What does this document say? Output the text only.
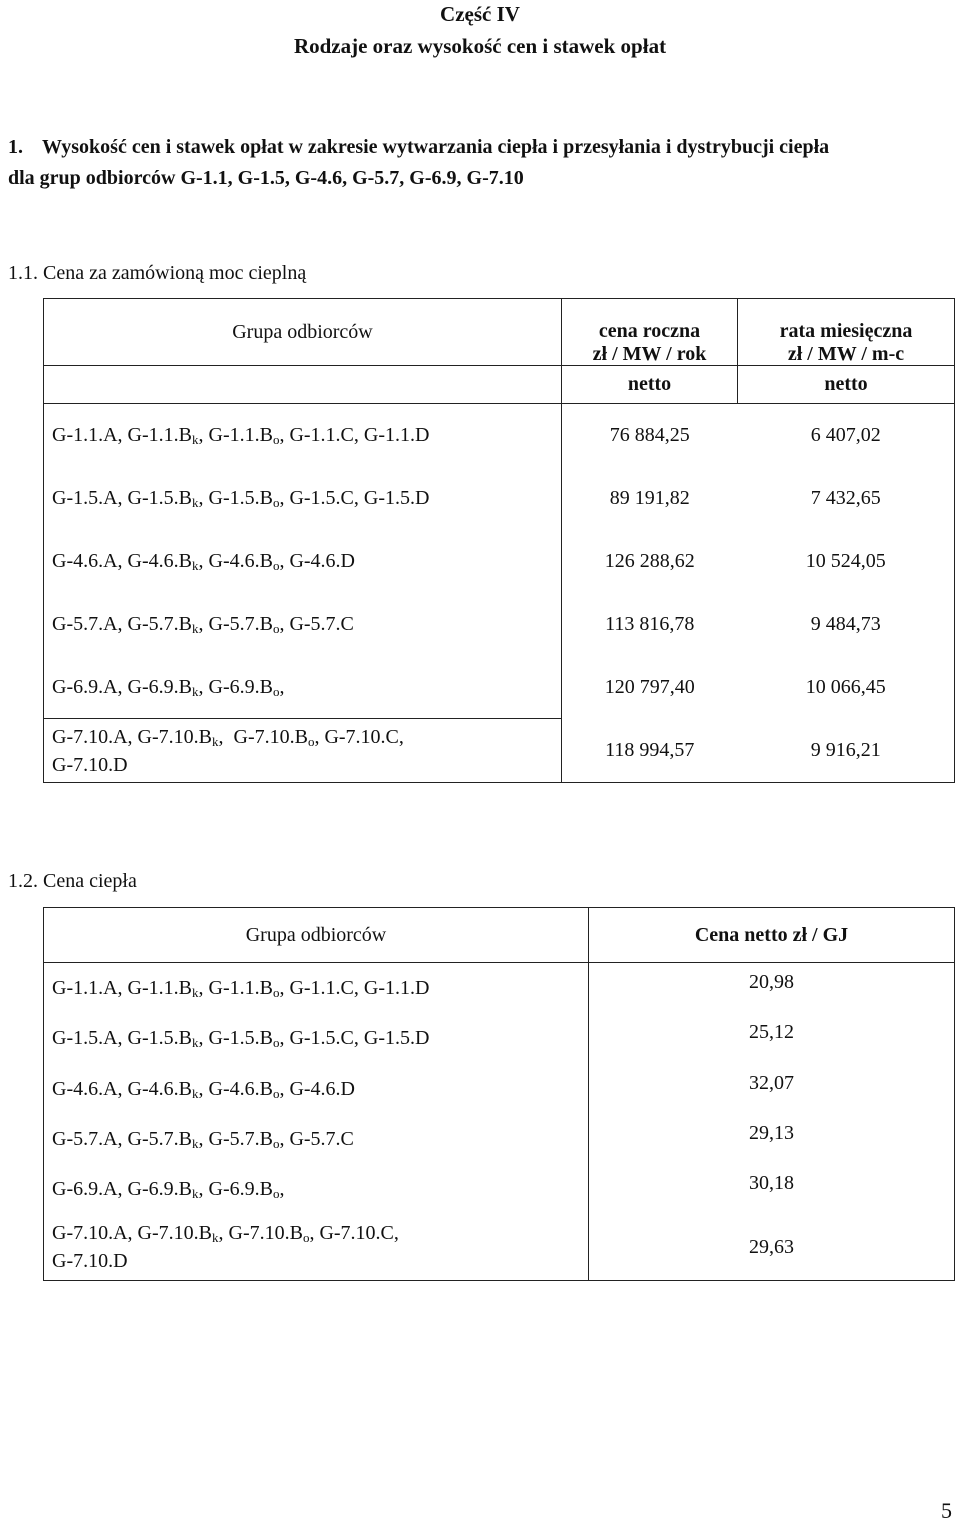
Część IV
Rodzaje oraz wysokość cen i stawek opłat
1. Wysokość cen i stawek opłat w zakresie wytwarzania ciepła i przesyłania i dystrybucji ciepła
dla grup odbiorców G-1.1, G-1.5, G-4.6, G-5.7, G-6.9, G-7.10
1.1. Cena za zamówioną moc cieplną
Grupa odbiorców	cena roczna	rata miesięczna

	zł / MW / rok	zł / MW / m-c
	netto	netto
G-1.1.A, $G-1.1.B_k$, $G-1.1.B_o$, G-1.1.C, G-1.1.D	76 884,25	6 407,02
G-1.5.A, $G-1.5.B_k$, $G-1.5.B_o$, G-1.5.C, G-1.5.D	89 191,82	7 432,65
G-4.6.A, $G-4.6.B_k$, $G-4.6.B_o$, G-4.6.D	126 288,62	10 524,05
G-5.7.A, $G-5.7.B_k$, $G-5.7.B_o$, G-5.7.C	113 816,78	9 484,73
G-6.9.A, $G-6.9.B_k$, $G-6.9.B_o$,	120 797,40	10 066,45
G-7.10.A, $G-7.10.B_k$,  $G-7.10.B_o$, G-7.10.C,
G-7.10.D	118 994,57	9 916,21
1.2. Cena ciepła
Grupa odbiorców	Cena netto zł / GJ
G-1.1.A, $G-1.1.B_k$, $G-1.1.B_o$, G-1.1.C, G-1.1.D	20,98
G-1.5.A, $G-1.5.B_k$, $G-1.5.B_o$, G-1.5.C, G-1.5.D	25,12
G-4.6.A, $G-4.6.B_k$, $G-4.6.B_o$, G-4.6.D	32,07
G-5.7.A, $G-5.7.B_k$, $G-5.7.B_o$, G-5.7.C	29,13
G-6.9.A, $G-6.9.B_k$, $G-6.9.B_o$,	30,18
G-7.10.A, $G-7.10.B_k$, $G-7.10.B_o$, G-7.10.C,
G-7.10.D	29,63
5
